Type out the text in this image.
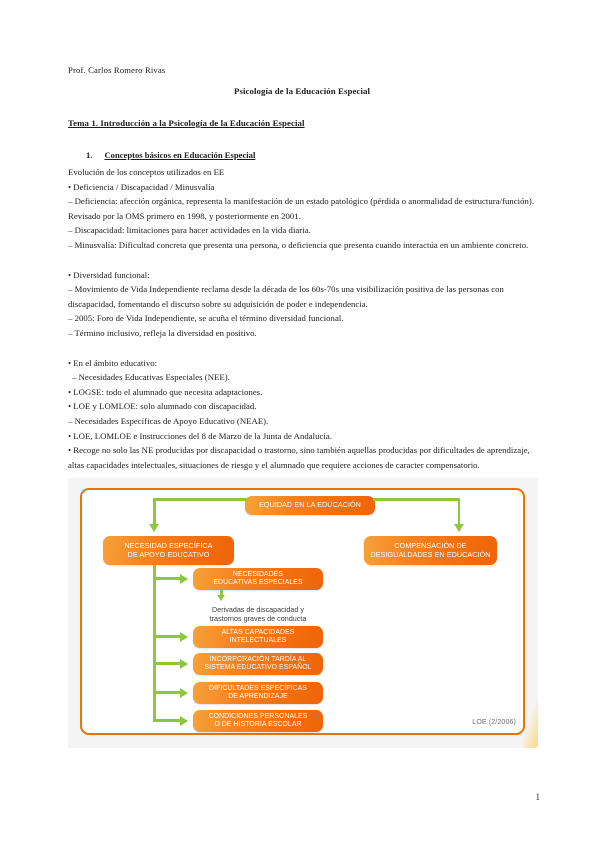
Prof. Carlos Romero Rivas
Psicología de la Educación Especial
Tema 1. Introducción a la Psicología de la Educación Especial
1. Conceptos básicos en Educación Especial
Evolución de los conceptos utilizados en EE
• Deficiencia / Discapacidad / Minusvalía
– Deficiencia: afección orgánica, representa la manifestación de un estado patológico (pérdida o anormalidad de estructura/función). Revisado por la OMS primero en 1998, y posteriormente en 2001.
– Discapacidad: limitaciones para hacer actividades en la vida diaria.
– Minusvalía: Dificultad concreta que presenta una persona, o deficiencia que presenta cuando interactúa en un ambiente concreto.
• Diversidad funcional:
– Movimiento de Vida Independiente reclama desde la década de los 60s-70s una visibilización positiva de las personas con discapacidad, fomentando el discurso sobre su adquisición de poder e independencia.
– 2005: Foro de Vida Independiente, se acuña el término diversidad funcional.
– Término inclusivo, refleja la diversidad en positivo.
• En el ámbito educativo:
– Necesidades Educativas Especiales (NEE).
• LOGSE: todo el alumnado que necesita adaptaciones.
• LOE y LOMLOE: solo alumnado con discapacidad.
– Necesidades Específicas de Apoyo Educativo (NEAE).
• LOE, LOMLOE e Instrucciones del 8 de Marzo de la Junta de Andalucía.
• Recoge no solo las NE producidas por discapacidad o trastorno, sino también aquellas producidas por dificultades de aprendizaje, altas capacidades intelectuales, situaciones de riesgo y el alumnado que requiere acciones de caracter compensatorio.
EQUIDAD EN LA EDUCACIÓN
NECESIDAD ESPECÍFICA
DE APOYO EDUCATIVO
COMPENSACIÓN DE
DESIGUALDADES EN EDUCACIÓN
NECESIDADES
EDUCATIVAS ESPECIALES
Derivadas de discapacidad y
trastornos graves de conducta
ALTAS CAPACIDADES
INTELECTUALES
INCORPORACIÓN TARDÍA AL
SISTEMA EDUCATIVO ESPAÑOL
DIFICULTADES ESPECÍFICAS
DE APRENDIZAJE
CONDICIONES PERSONALES
O DE HISTORIA ESCOLAR	LOE (2/2006)
1
